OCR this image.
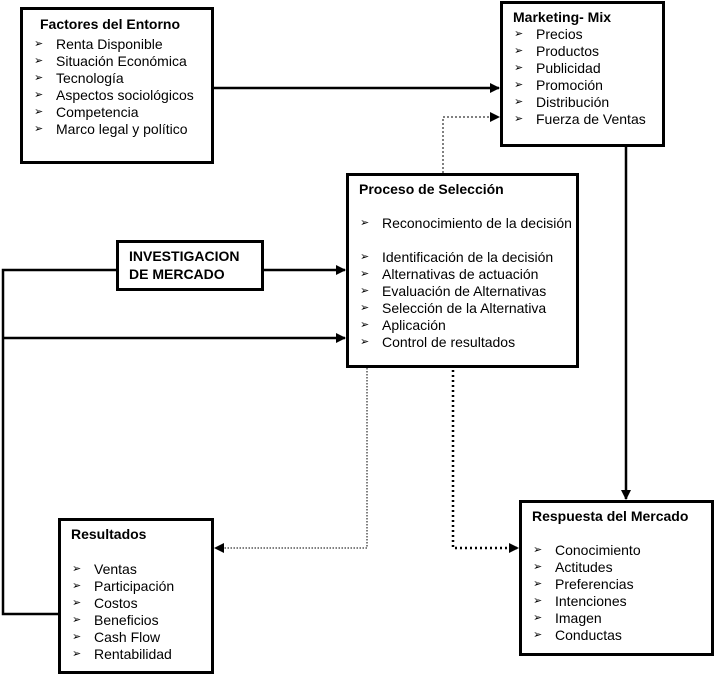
Factores del Entorno
➢ Renta Disponible
➢ Situación Económica
➢ Tecnología
➢ Aspectos sociológicos
➢ Competencia
➢ Marco legal y político
Marketing- Mix
➢ Precios
➢ Productos
➢ Publicidad
➢ Promoción
➢ Distribución
➢ Fuerza de Ventas
Proceso de Selección
➢ Reconocimiento de la decisión
➢ Identificación de la decisión
➢ Alternativas de actuación
➢ Evaluación de Alternativas
➢ Selección de la Alternativa
➢ Aplicación
➢ Control de resultados
INVESTIGACION
DE MERCADO
Resultados
➢ Ventas
➢ Participación
➢ Costos
➢ Beneficios
➢ Cash Flow
➢ Rentabilidad
Respuesta del Mercado
➢ Conocimiento
➢ Actitudes
➢ Preferencias
➢ Intenciones
➢ Imagen
➢ Conductas
